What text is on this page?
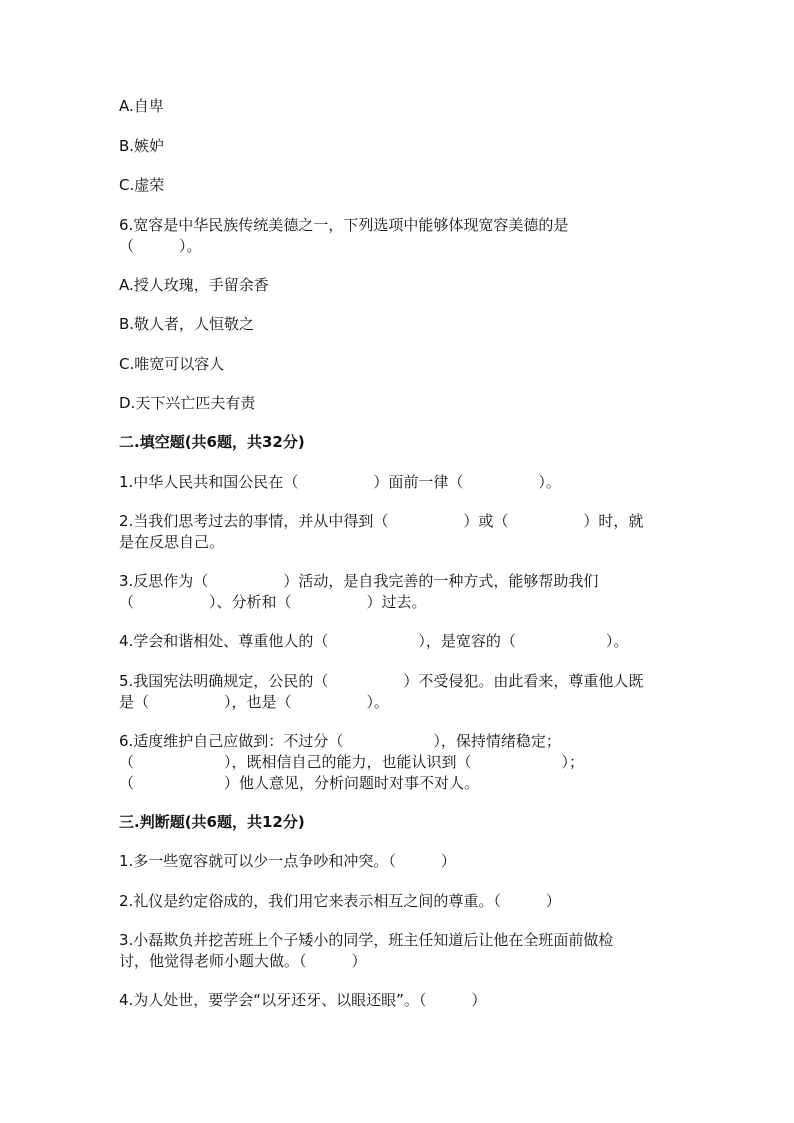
A.自卑

B.嫉妒

C.虚荣

6.宽容是中华民族传统美德之一，下列选项中能够体现宽容美德的是

（　　　）。

A.授人玫瑰，手留余香

B.敬人者，人恒敬之

C.唯宽可以容人

D.天下兴亡匹夫有责

二.填空题(共6题，共32分)

1.中华人民共和国公民在（　　　　　）面前一律（　　　　　）。

2.当我们思考过去的事情，并从中得到（　　　　　）或（　　　　　）时，就

是在反思自己。

3.反思作为（　　　　　）活动，是自我完善的一种方式，能够帮助我们

（　　　　　）、分析和（　　　　　）过去。

4.学会和谐相处、尊重他人的（　　　　　　），是宽容的（　　　　　　）。

5.我国宪法明确规定，公民的（　　　　　）不受侵犯。由此看来，尊重他人既

是（　　　　　），也是（　　　　　）。

6.适度维护自己应做到：不过分（　　　　　　），保持情绪稳定；

（　　　　　　），既相信自己的能力，也能认识到（　　　　　　）；

（　　　　　　）他人意见，分析问题时对事不对人。

三.判断题(共6题，共12分)

1.多一些宽容就可以少一点争吵和冲突。（　　　）

2.礼仪是约定俗成的，我们用它来表示相互之间的尊重。（　　　）

3.小磊欺负并挖苦班上个子矮小的同学，班主任知道后让他在全班面前做检

讨，他觉得老师小题大做。（　　　）

4.为人处世，要学会“以牙还牙、以眼还眼”。（　　　）
